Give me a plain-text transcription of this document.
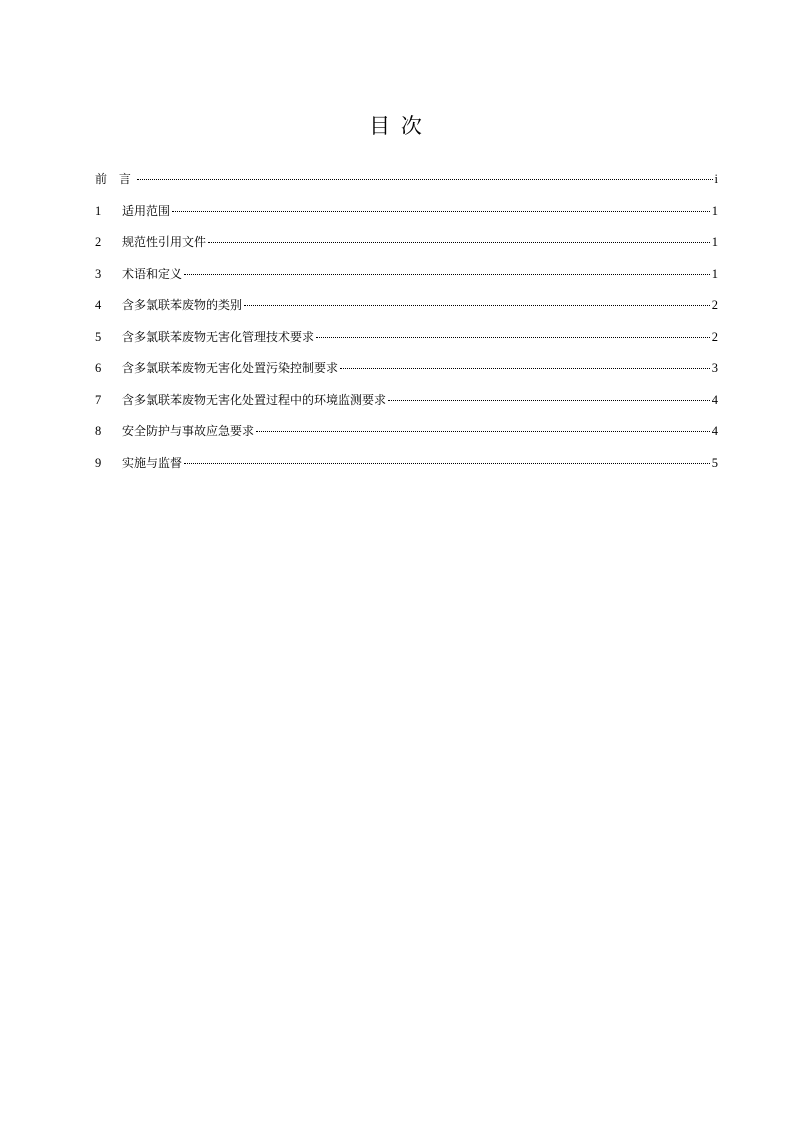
目 次
前 言	i
1	适用范围	1
2	规范性引用文件	1
3	术语和定义	1
4	含多氯联苯废物的类别	2
5	含多氯联苯废物无害化管理技术要求	2
6	含多氯联苯废物无害化处置污染控制要求	3
7	含多氯联苯废物无害化处置过程中的环境监测要求	4
8	安全防护与事故应急要求	4
9	实施与监督	5
